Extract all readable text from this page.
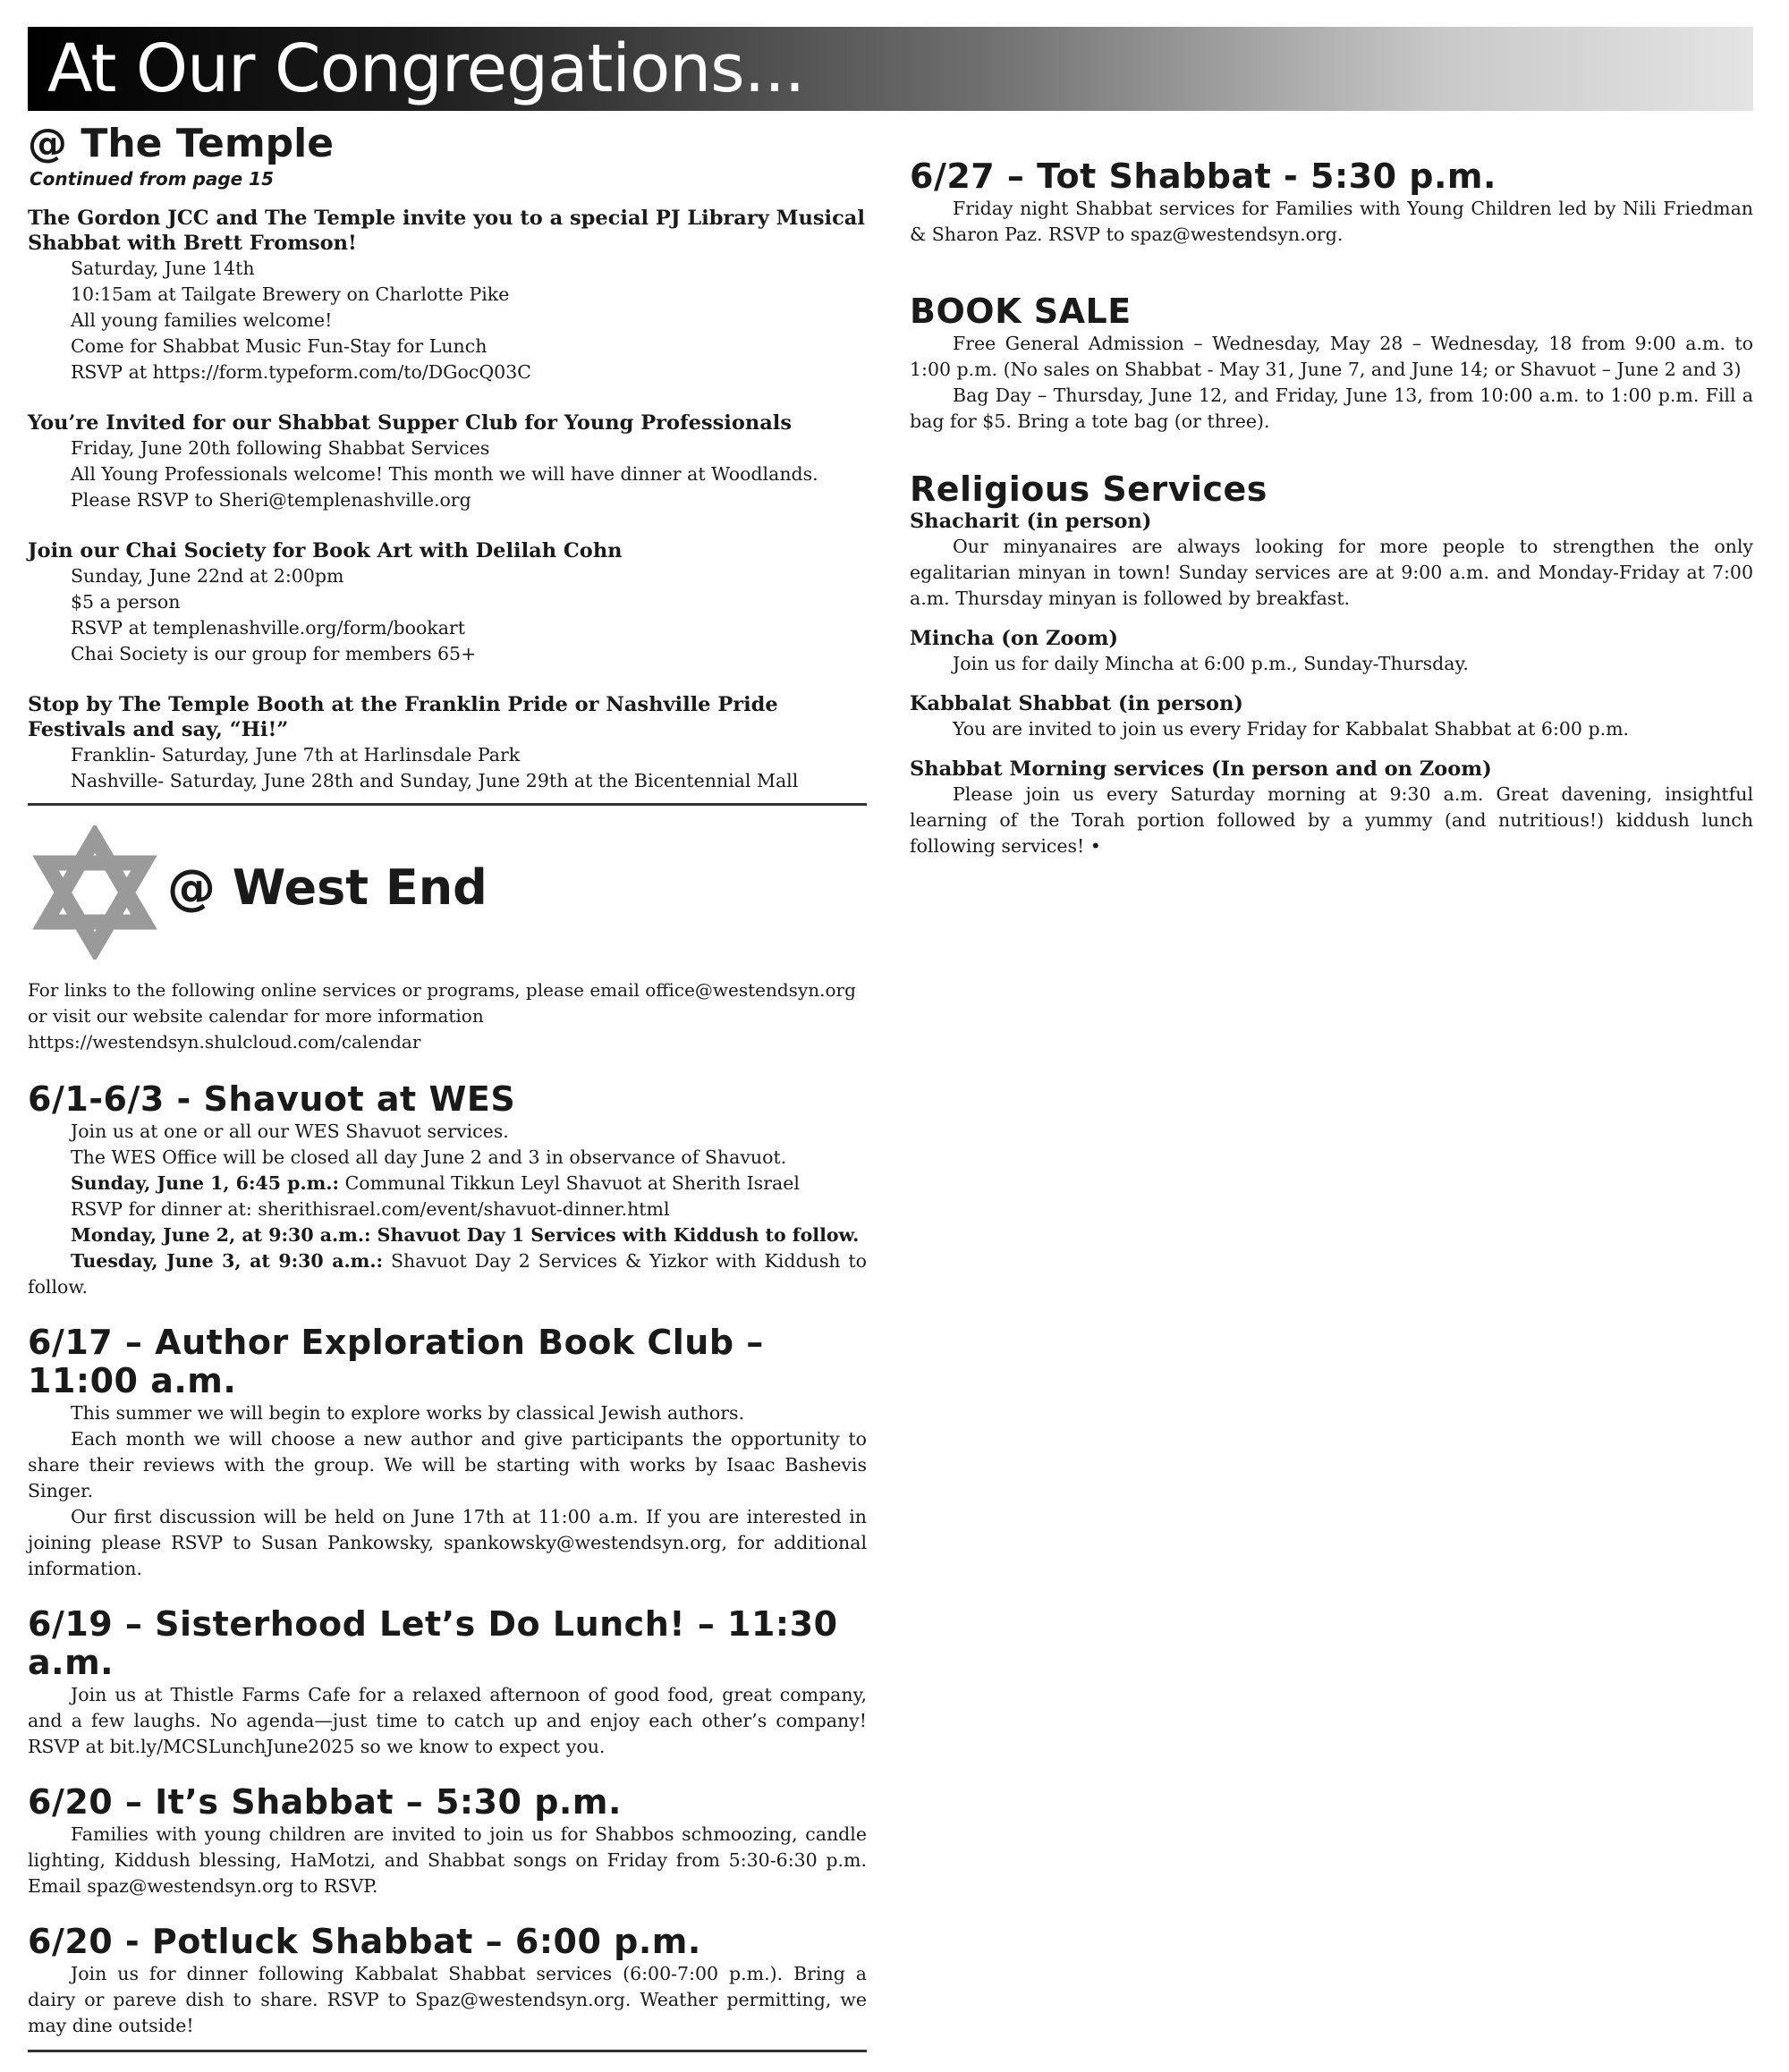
At Our Congregations...
@ The Temple
Continued from page 15

The Gordon JCC and The Temple invite you to a special PJ Library Musical Shabbat with Brett Fromson!

Saturday, June 14th
10:15am at Tailgate Brewery on Charlotte Pike
All young families welcome!
Come for Shabbat Music Fun-Stay for Lunch
RSVP at https://form.typeform.com/to/DGocQ03C

You’re Invited for our Shabbat Supper Club for Young Professionals

Friday, June 20th following Shabbat Services
All Young Professionals welcome! This month we will have dinner at Woodlands.
Please RSVP to Sheri@templenashville.org

Join our Chai Society for Book Art with Delilah Cohn

Sunday, June 22nd at 2:00pm
$5 a person
RSVP at templenashville.org/form/bookart
Chai Society is our group for members 65+

Stop by The Temple Booth at the Franklin Pride or Nashville Pride Festivals and say, “Hi!”

Franklin- Saturday, June 7th at Harlinsdale Park
Nashville- Saturday, June 28th and Sunday, June 29th at the Bicentennial Mall
@ West End

For links to the following online services or programs, please email office@westendsyn.org or visit our website calendar for more information https://westendsyn.shulcloud.com/calendar

6/1-6/3 - Shavuot at WES
Join us at one or all our WES Shavuot services.
The WES Office will be closed all day June 2 and 3 in observance of Shavuot.
Sunday, June 1, 6:45 p.m.: Communal Tikkun Leyl Shavuot at Sherith Israel
RSVP for dinner at: sherithisrael.com/event/shavuot-dinner.html
Monday, June 2, at 9:30 a.m.: Shavuot Day 1 Services with Kiddush to follow.

Tuesday, June 3, at 9:30 a.m.: Shavuot Day 2 Services & Yizkor with Kiddush to follow.

6/17 – Author Exploration Book Club – 11:00 a.m.

This summer we will begin to explore works by classical Jewish authors.

Each month we will choose a new author and give participants the opportunity to share their reviews with the group. We will be starting with works by Isaac Bashevis Singer.

Our first discussion will be held on June 17th at 11:00 a.m. If you are interested in joining please RSVP to Susan Pankowsky, spankowsky@westendsyn.org, for additional information.

6/19 – Sisterhood Let’s Do Lunch! – 11:30 a.m.

Join us at Thistle Farms Cafe for a relaxed afternoon of good food, great company, and a few laughs. No agenda—just time to catch up and enjoy each other’s company! RSVP at bit.ly/MCSLunchJune2025 so we know to expect you.

6/20 – It’s Shabbat – 5:30 p.m.

Families with young children are invited to join us for Shabbos schmoozing, candle lighting, Kiddush blessing, HaMotzi, and Shabbat songs on Friday from 5:30-6:30 p.m. Email spaz@westendsyn.org to RSVP.

6/20 - Potluck Shabbat – 6:00 p.m.

Join us for dinner following Kabbalat Shabbat services (6:00-7:00 p.m.). Bring a dairy or pareve dish to share. RSVP to Spaz@westendsyn.org. Weather permitting, we may dine outside!

6/27 – Tot Shabbat - 5:30 p.m.

Friday night Shabbat services for Families with Young Children led by Nili Friedman & Sharon Paz. RSVP to spaz@westendsyn.org.

BOOK SALE

Free General Admission – Wednesday, May 28 – Wednesday, 18 from 9:00 a.m. to 1:00 p.m. (No sales on Shabbat - May 31, June 7, and June 14; or Shavuot – June 2 and 3)

Bag Day – Thursday, June 12, and Friday, June 13, from 10:00 a.m. to 1:00 p.m. Fill a bag for $5. Bring a tote bag (or three).

Religious Services

Shacharit (in person)

Our minyanaires are always looking for more people to strengthen the only egalitarian minyan in town! Sunday services are at 9:00 a.m. and Monday-Friday at 7:00 a.m. Thursday minyan is followed by breakfast.

Mincha (on Zoom)

Join us for daily Mincha at 6:00 p.m., Sunday-Thursday.

Kabbalat Shabbat (in person)

You are invited to join us every Friday for Kabbalat Shabbat at 6:00 p.m.

Shabbat Morning services (In person and on Zoom)

Please join us every Saturday morning at 9:30 a.m. Great davening, insightful learning of the Torah portion followed by a yummy (and nutritious!) kiddush lunch following services! •
